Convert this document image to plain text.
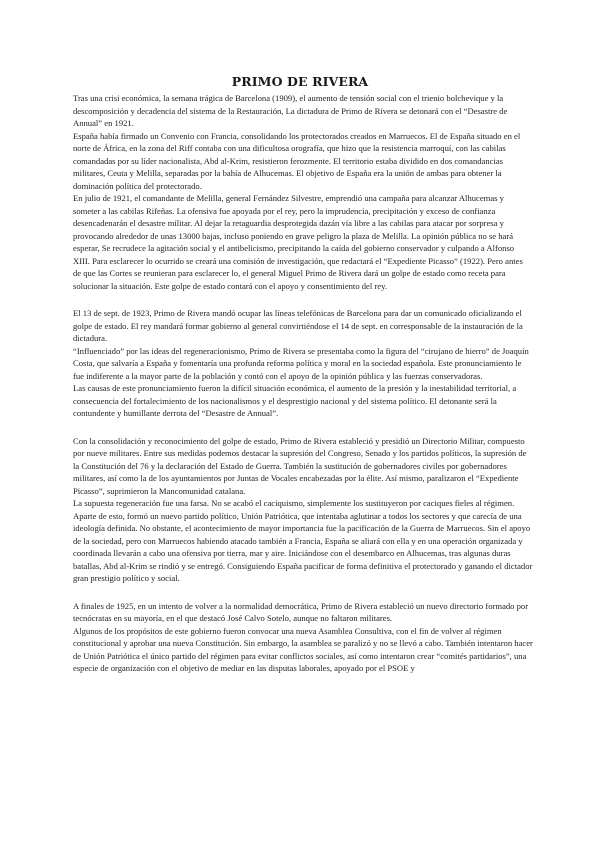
PRIMO DE RIVERA

Tras una crisi económica, la semana trágica de Barcelona (1909), el aumento de tensión social con el trienio bolchevique y la descomposición y decadencia del sistema de la Restauración, La dictadura de Primo de Rivera se detonará con el “Desastre de Annual” en 1921.

España había firmado un Convenio con Francia, consolidando los protectorados creados en Marruecos. El de España situado en el norte de África, en la zona del Riff contaba con una dificultosa orografía, que hizo que la resistencia marroquí, con las cabilas comandadas por su líder nacionalista, Abd al-Krim, resistieron ferozmente. El territorio estaba dividido en dos comandancias militares, Ceuta y Melilla, separadas por la bahía de Alhucemas. El objetivo de España era la unión de ambas para obtener la dominación política del protectorado.

En julio de 1921, el comandante de Melilla, general Fernández Silvestre, emprendió una campaña para alcanzar Alhucemas y someter a las cabilas Rifeñas. La ofensiva fue apoyada por el rey, pero la imprudencia, precipitación y exceso de confianza desencadenarán el desastre militar. Al dejar la retaguardia desprotegida dazán vía libre a las cabilas para atacar por sorpresa y provocando alrededor de unas 13000 bajas, incluso poniendo en grave peligro la plaza de Melilla. La opinión pública no se hará esperar, Se recrudece la agitación social y el antibelicismo, precipitando la caída del gobierno conservador y culpando a Alfonso XIII. Para esclarecer lo ocurrido se creará una comisión de investigación, que redactará el “Expediente Picasso” (1922). Pero antes de que las Cortes se reunieran para esclarecer lo, el general Miguel Primo de Rivera dará un golpe de estado como receta para solucionar la situación. Este golpe de estado contará con el apoyo y consentimiento del rey.

El 13 de sept. de 1923, Primo de Rivera mandó ocupar las líneas telefónicas de Barcelona para dar un comunicado oficializando el golpe de estado. El rey mandará formar gobierno al general convirtiéndose el 14 de sept. en corresponsable de la instauración de la dictadura.

“Influenciado” por las ideas del regeneracionismo, Primo de Rivera se presentaba como la figura del “cirujano de hierro” de Joaquín Costa, que salvaría a España y fomentaría una profunda reforma política y moral en la sociedad española. Este pronunciamiento le fue indiferente a la mayor parte de la población y contó con el apoyo de la opinión pública y las fuerzas conservadoras.

Las causas de este pronunciamiento fueron la difícil situación económica, el aumento de la presión y la inestabilidad territorial, a consecuencia del fortalecimiento de los nacionalismos y el desprestigio nacional y del sistema político. El detonante será la contundente y humillante derrota del “Desastre de Annual”.

Con la consolidación y reconocimiento del golpe de estado, Primo de Rivera estableció y presidió un Directorio Militar, compuesto por nueve militares. Entre sus medidas podemos destacar la supresión del Congreso, Senado y los partidos políticos, la supresión de la Constitución del 76 y la declaración del Estado de Guerra. También la sustitución de gobernadores civiles por gobernadores militares, así como la de los ayuntamientos por Juntas de Vocales encabezadas por la élite. Así mismo, paralizaron el “Expediente Picasso”, suprimieron la Mancomunidad catalana.

La supuesta regeneración fue una farsa. No se acabó el caciquismo, simplemente los sustituyeron por caciques fieles al régimen. Aparte de esto, formó un nuevo partido político, Unión Patriótica, que intentaba aglutinar a todos los sectores y que carecía de una ideología definida. No obstante, el acontecimiento de mayor importancia fue la pacificación de la Guerra de Marruecos. Sin el apoyo de la sociedad, pero con Marruecos habiendo atacado también a Francia, España se aliará con ella y en una operación organizada y coordinada llevarán a cabo una ofensiva por tierra, mar y aire. Iniciándose con el desembarco en Alhucemas, tras algunas duras batallas, Abd al-Krim se rindió y se entregó. Consiguiendo España pacificar de forma definitiva el protectorado y ganando el dictador gran prestigio político y social.

A finales de 1925, en un intento de volver a la normalidad democrática, Primo de Rivera estableció un nuevo directorio formado por tecnócratas en su mayoría, en el que destacó José Calvo Sotelo, aunque no faltaron militares.

Algunos de los propósitos de este gobierno fueron convocar una nueva Asamblea Consultiva, con el fin de volver al régimen constitucional y aprobar una nueva Constitución. Sin embargo, la asamblea se paralizó y no se llevó a cabo. También intentaron hacer de Unión Patriótica el único partido del régimen para evitar conflictos sociales, así como intentaron crear “comités partidarios”, una especie de organización con el objetivo de mediar en las disputas laborales, apoyado por el PSOE y
